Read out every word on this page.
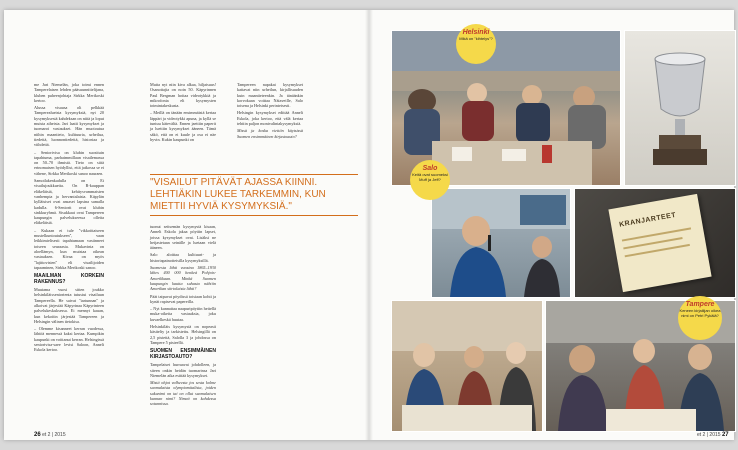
me Jari Niemelän, joka toimi ennen Tamperelaisen lehden pääsuunnittelijana, kluben puheenjohtaja Sirkka Merikoski kertoo.

Alussa visausa oli pelkkää Tamperealueista kysymyksiä, nyt 20 kysymyksestä kahdeksan on niitä ja loput muista aiheista. Jari laatii kysymykset ja tuomaroi vastaukset. Hän muotoutua niihin maantieto, kulttuuria, urheilua, tiedettä, luonnontiedettä, historiaa ja viihdettä.

– Seniorivisa on klubin suosituin tapahtuma, parhaimmillaan visailemassa on 50–70 ihmistä. Tieto on siitä erinomaisen hyödyllist, että jatkossa se ei vähene, Sirkka Merikoski sanoo nauraen.

Samoilakenkadulla on Ei visailujoukkuetta. On R-kauppan eläkeläisiä, kehitysvammaisten vanhempia ja hervantalaisia. Käpylän kylläisiset ovat ansaset lapsina samalla kadulla. 6-Seniorit ovat klubin sinkkuryhmä. Sisukkaat ovat Tampereen kaupungin palvelukseessa olleita eläkeläisiä.

– Kukaan ei tule "vikkoittaiseen mustelkuntoutukseen", vaan leikkimielisesti tapahtumaan vastinneet toiseen seuraasta. Mukavinta on aloellämyn, kun muistaa oikean vastauksen. Kivaa on myös "lajittovisien" eli visailijoiden tapaaminen, Sirkka Merikoski sanoo.

MAAILMAN KORKEIN RAKENNUS?

Muutama vuosi sitten joukko helsinkiläisseniorienta tutustui visailuun Tampereella. He saivat "tartunnan" ja alkoivat järjestää Käpyrinaa Käpyrinteen palvelukeskuksessa. Ei mennyt kauan, kun kekoitin järjestää Tampereen ja Helsingin välinen tietokisa.

– Olemme kisanneet kerran vuodessa, lähtöä mennessä kaksi kertaa. Kumpikin kaupunki on voittanut kerran. Helsingissä seniorivisa-saee levisi Saloon, Anneli Eskola kertoo.

Mutta nyt niin kiva alkaa, hiljaisuus! Osanottajia on noin 50. Käpyrinnen Paul Bergman hoitaa videotykkiä ja mikrofonia eli kysymysten toimintakeskusta.

– Meillä on tänään ensimmäistä kertaa läppäri ja videotykki apuna, ja kyllä se tuntuu kätevältä. Ennen jaettiin paperit ja luettiin kysymykset ääneen. Tämä säkö, että on ei kuule ja osa ei näe hyvin. Kukin kaupunki on

"VISAILUT PITÄVÄT AJASSA KIINNI. LEHTIÄKIN LUKEE TARKEMMIN, KUN MIETTII HYVIÄ KYSYMYKSIÄ."

tuonut seitsemän kysymystä kisaan, Anneli Eskola jakaa pöytiin lapset, joissa kysymykset ovat. Lisäksi ne heijastetaan seinälle ja luetaan vielä ääneen.

Salo aloittaa kulttuuri- ja historiapainotteisilla kysymyksillä.

Suomesta lähti vuosina 1865–1930 lähes 400 000 henkeä Pohjois-Amerikkaan. Minkä Suomen kaupungin kautta suhasta nähtiin Amerikan siirtolaisia lähti?

Päät taipuvat pöydissä toisiaan kohti ja kynät rapisevat papereilla.

– Nyt kannattaa naapuripöytiin heitellä muka-oikeita vastauksia, joku kuvaelkeskä huutaa.

Helsinkiläis kysymystä on nopeasti käsitelty ja tarkistettu. Helsingillä on 2,5 pistettä, Salolla 3 ja johdossa on Tampere 5 pisteellä.

SUOMEN ENSIMMÄINEN KIRJASTOAUTO?

Tampelaiset hurraavat johdolleen, ja siteen onkin heidän tuomarinsa Jari Niemelän aika esittää kysymykset.

Mistä ohjat valheesta jos sesta kolme suomalaista olympiamitalista, joiden sukunimi on tai on ollut suomalaisen kunnan nimi? Nimeä on kahdessa sotunnissa.

Tampereen napakat kysymykset kattavat niin urheilun, kirjallisuuden kuin maantieteenkin. Ja tänäänkin korvokaan voittaa Näiaveille, Salo toisena ja Helsinki perinteisesti.

Helsingin kysymykset edittää Anneli Eskola, joka kertoo, että välä kertaa tehtiin paljon monivalintakysymyksiä.

Missä ja koska viettiin käytsissä Suomen ensimmäinen kirjastoauto?

26 et 2 | 2015
KRANJARTEET
Helsinki
Mikä on "kihtelys"?
Salo
Keitä ovat suomeksi Muff ja Jeff?
Tampere
Keneen kirjailijan oikea nimi on Petri Pykälä?
et 2 | 2015 27
